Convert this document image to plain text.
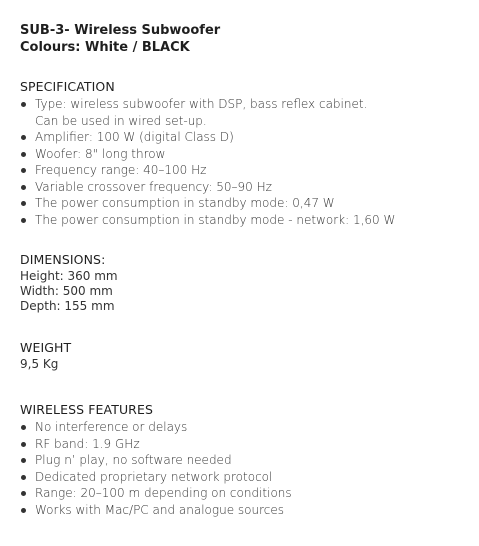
SUB-3- Wireless Subwoofer

Colours: White / BLACK

SPECIFICATION

Type: wireless subwoofer with DSP, bass reflex cabinet.
Can be used in wired set-up.
Amplifier: 100 W (digital Class D)
Woofer: 8" long throw
Frequency range: 40–100 Hz
Variable crossover frequency: 50–90 Hz
The power consumption in standby mode: 0,47 W
The power consumption in standby mode - network: 1,60 W

DIMENSIONS:

Height: 360 mm

Width: 500 mm

Depth: 155 mm

WEIGHT

9,5 Kg

WIRELESS FEATURES

No interference or delays
RF band: 1.9 GHz
Plug n’ play, no software needed
Dedicated proprietary network protocol
Range: 20–100 m depending on conditions
Works with Mac/PC and analogue sources
